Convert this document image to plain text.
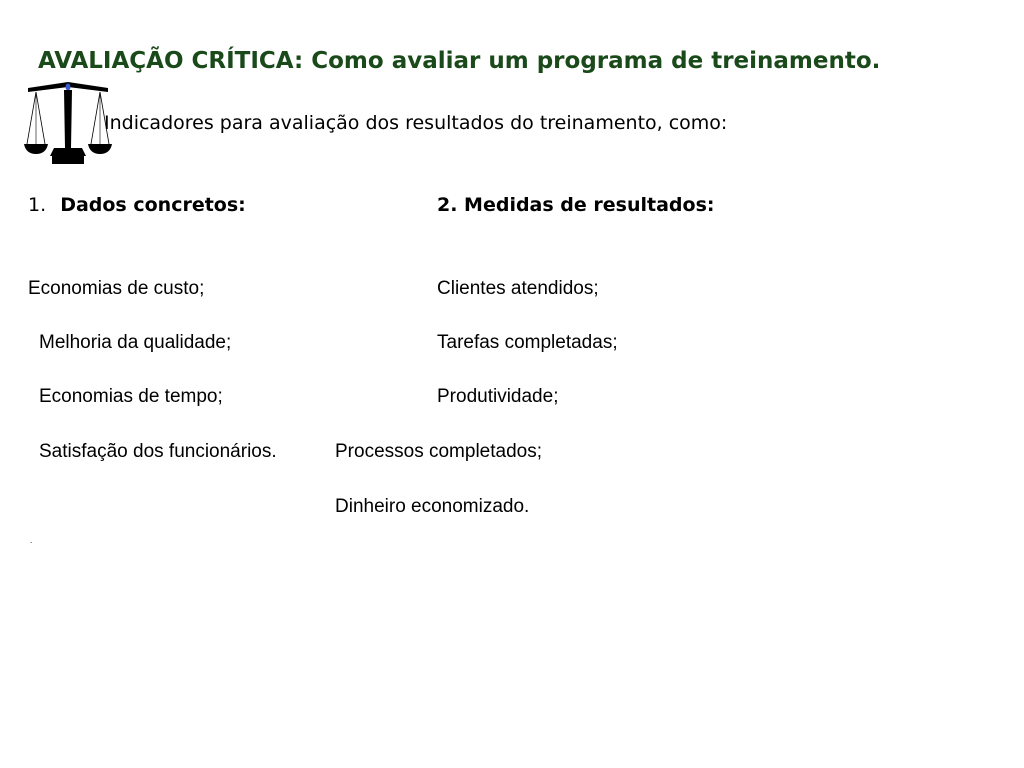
AVALIAÇÃO CRÍTICA: Como avaliar um programa de treinamento.
Indicadores para avaliação dos resultados do treinamento, como:
1. Dados concretos:	2. Medidas de resultados:
Economias de custo;
Melhoria da qualidade;
Economias de tempo;
Satisfação dos funcionários.
Clientes atendidos;
Tarefas completadas;
Produtividade;
Processos completados;
Dinheiro economizado.
.
